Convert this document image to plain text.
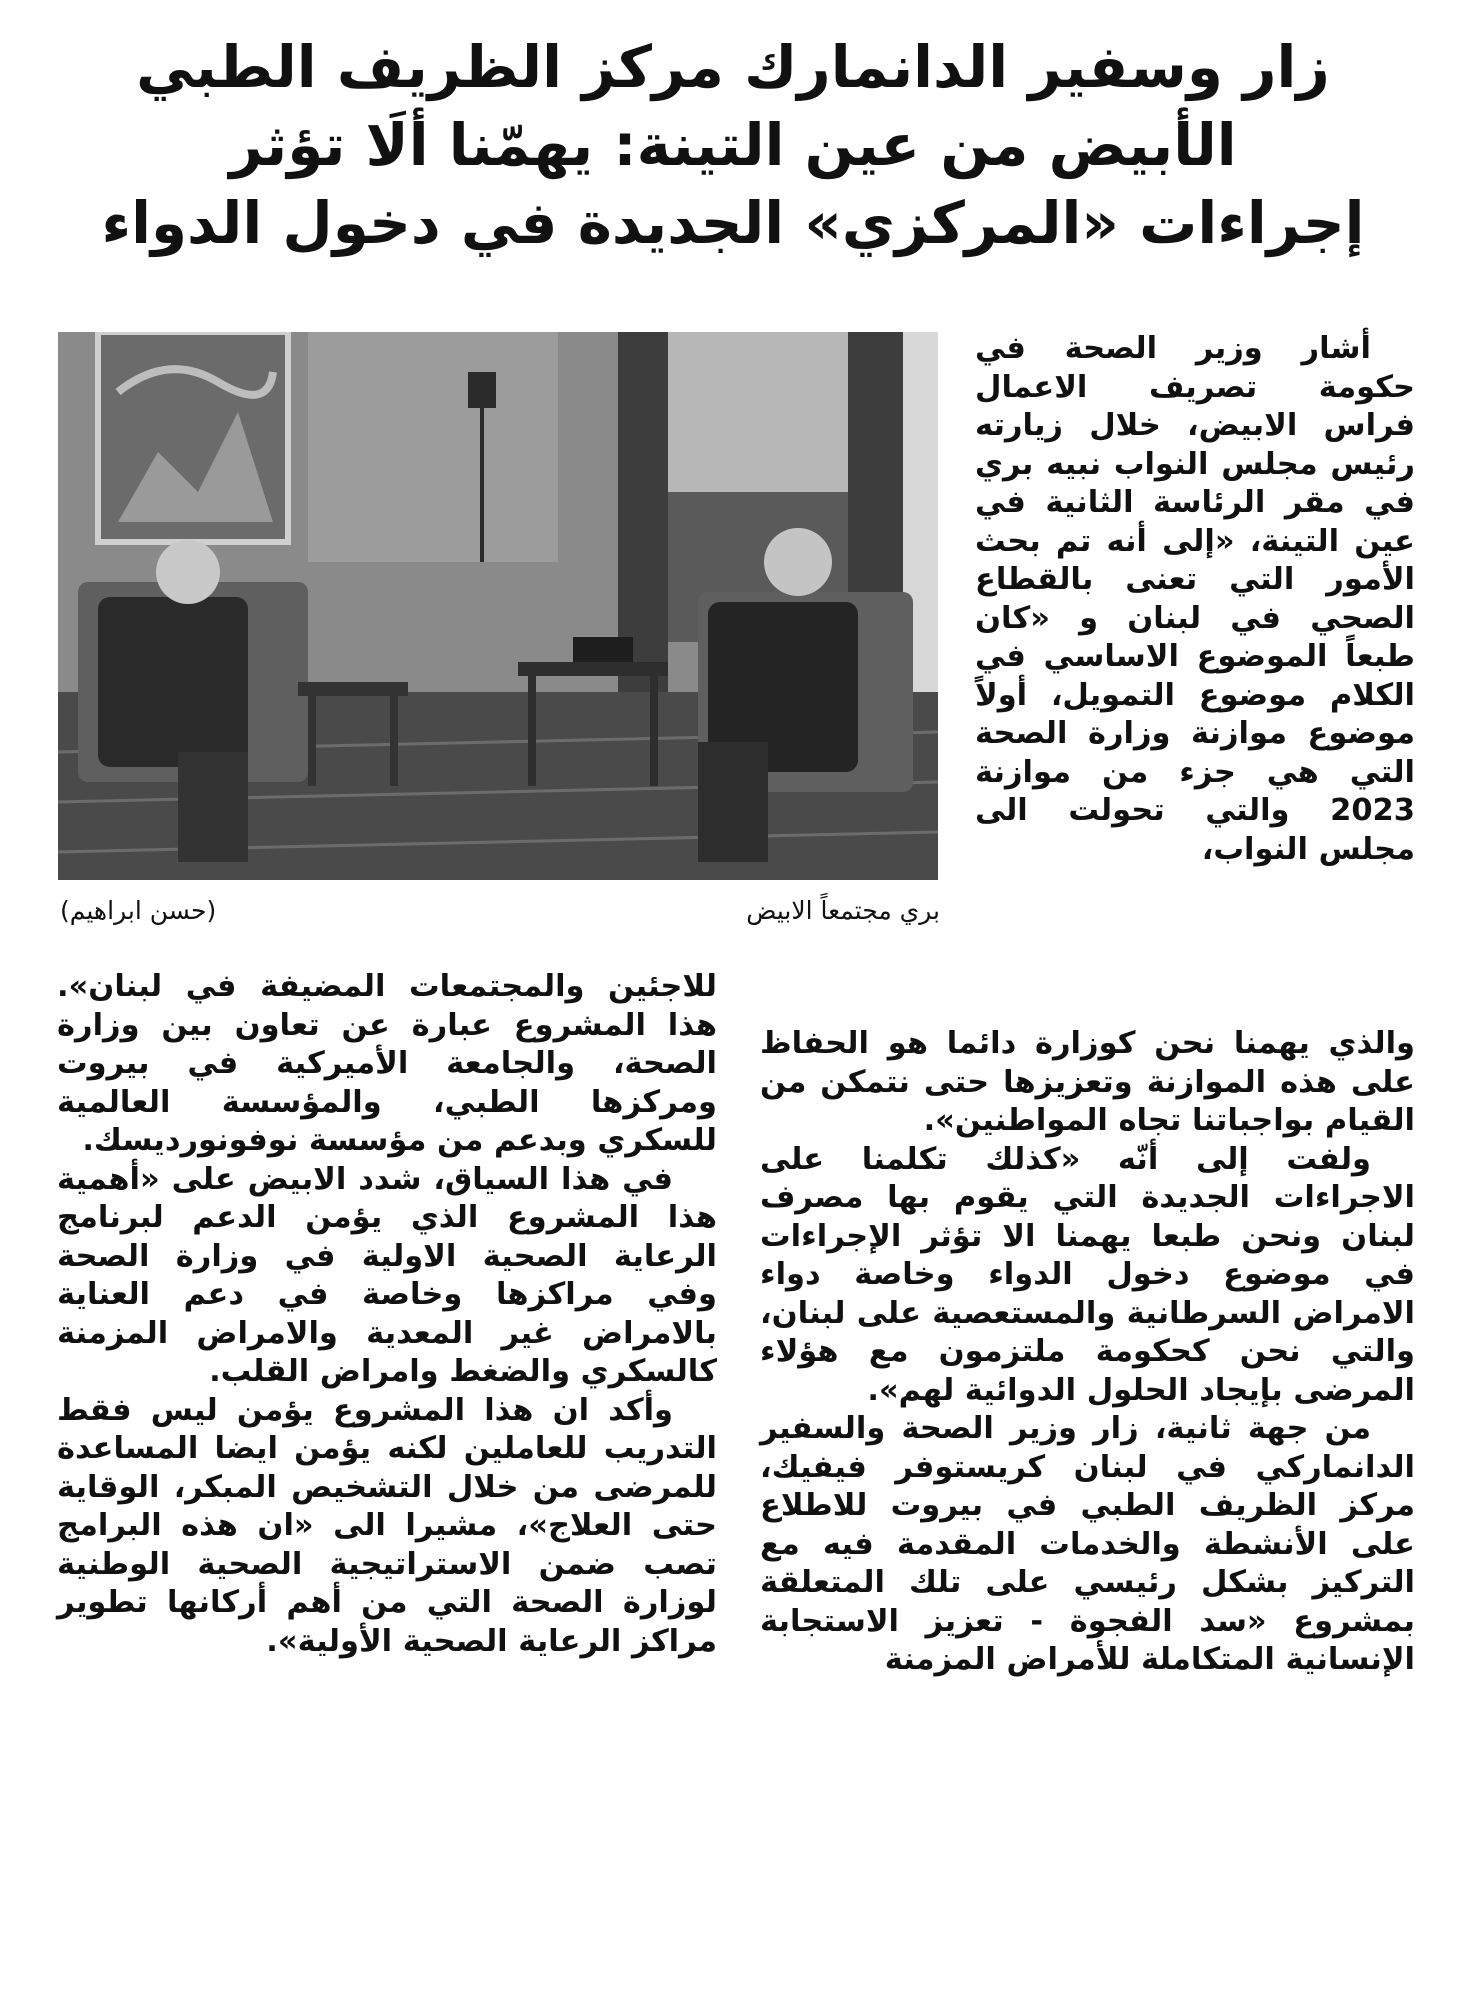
زار وسفير الدانمارك مركز الظريف الطبي
الأبيض من عين التينة: يهمّنا ألَا تؤثر
إجراءات «المركزي» الجديدة في دخول الدواء
بري مجتمعاً الابيض
(حسن ابراهيم)

أشار وزير الصحة في حكومة تصريف الاعمال فراس الابيض، خلال زيارته رئيس مجلس النواب نبيه بري في مقر الرئاسة الثانية في عين التينة، «إلى أنه تم بحث الأمور التي تعنى بالقطاع الصحي في لبنان و «كان طبعاً الموضوع الاساسي في الكلام موضوع التمويل، أولاً موضوع موازنة وزارة الصحة التي هي جزء من موازنة 2023 والتي تحولت الى مجلس النواب،

والذي يهمنا نحن كوزارة دائما هو الحفاظ على هذه الموازنة وتعزيزها حتى نتمكن من القيام بواجباتنا تجاه المواطنين».

ولفت إلى أنّه «كذلك تكلمنا على الاجراءات الجديدة التي يقوم بها مصرف لبنان ونحن طبعا يهمنا الا تؤثر الإجراءات في موضوع دخول الدواء وخاصة دواء الامراض السرطانية والمستعصية على لبنان، والتي نحن كحكومة ملتزمون مع هؤلاء المرضى بإيجاد الحلول الدوائية لهم».

من جهة ثانية، زار وزير الصحة والسفير الدانماركي في لبنان كريستوفر فيفيك، مركز الظريف الطبي في بيروت للاطلاع على الأنشطة والخدمات المقدمة فيه مع التركيز بشكل رئيسي على تلك المتعلقة بمشروع «سد الفجوة - تعزيز الاستجابة الإنسانية المتكاملة للأمراض المزمنة

للاجئين والمجتمعات المضيفة في لبنان». هذا المشروع عبارة عن تعاون بين وزارة الصحة، والجامعة الأميركية في بيروت ومركزها الطبي، والمؤسسة العالمية للسكري وبدعم من مؤسسة نوفونورديسك.

في هذا السياق، شدد الابيض على «أهمية هذا المشروع الذي يؤمن الدعم لبرنامج الرعاية الصحية الاولية في وزارة الصحة وفي مراكزها وخاصة في دعم العناية بالامراض غير المعدية والامراض المزمنة كالسكري والضغط وامراض القلب.

وأكد ان هذا المشروع يؤمن ليس فقط التدريب للعاملين لكنه يؤمن ايضا المساعدة للمرضى من خلال التشخيص المبكر، الوقاية حتى العلاج»، مشيرا الى «ان هذه البرامج تصب ضمن الاستراتيجية الصحية الوطنية لوزارة الصحة التي من أهم أركانها تطوير مراكز الرعاية الصحية الأولية».
